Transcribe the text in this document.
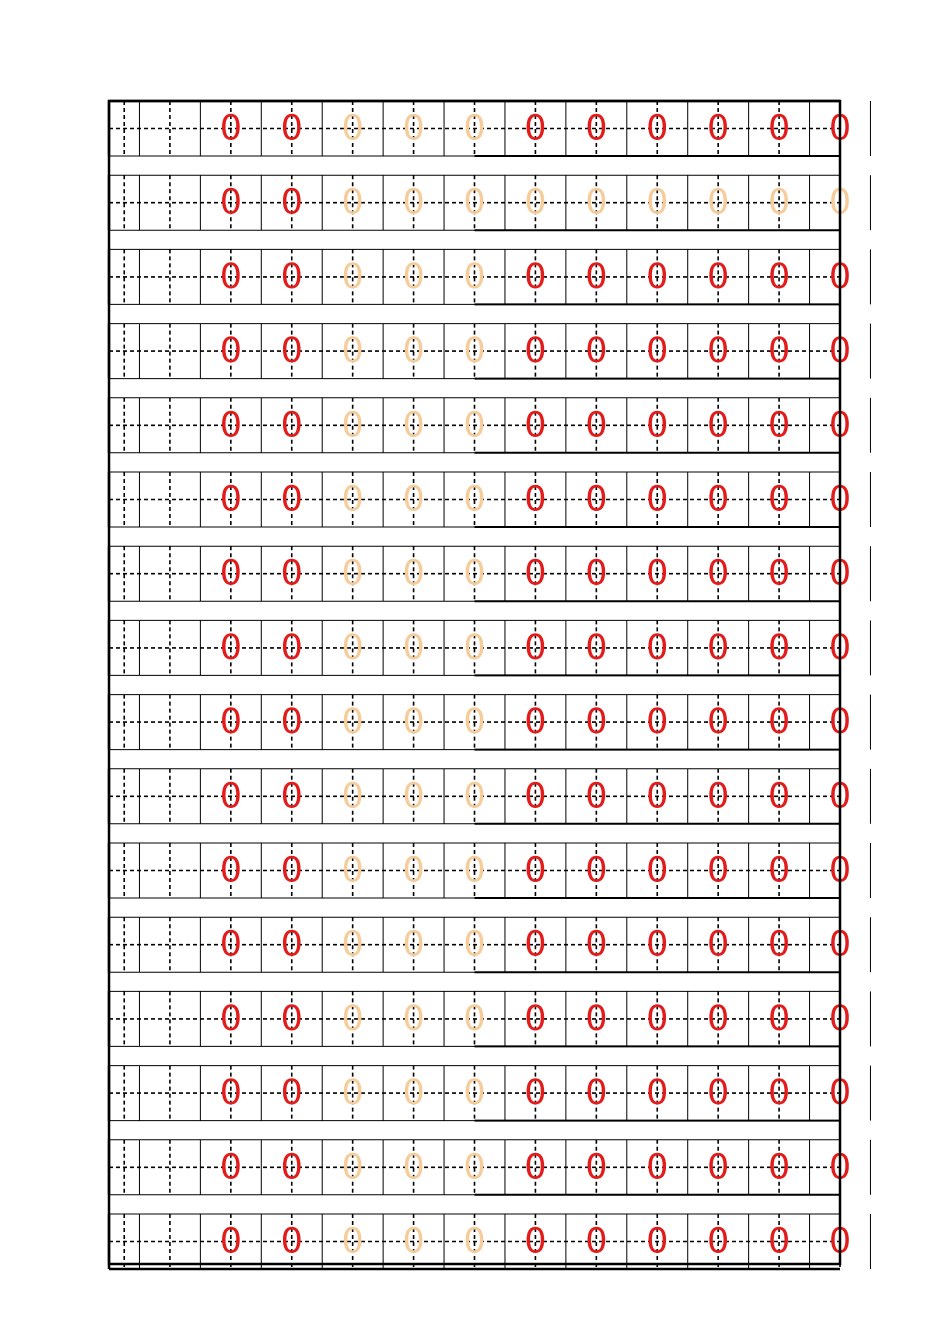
0 0 0 0 0 0 0 0 0 0 0
0 0 0 0 0 0 0 0 0 0 0
0 0 0 0 0 0 0 0 0 0 0
0 0 0 0 0 0 0 0 0 0 0
0 0 0 0 0 0 0 0 0 0 0
0 0 0 0 0 0 0 0 0 0 0
0 0 0 0 0 0 0 0 0 0 0
0 0 0 0 0 0 0 0 0 0 0
0 0 0 0 0 0 0 0 0 0 0
0 0 0 0 0 0 0 0 0 0 0
0 0 0 0 0 0 0 0 0 0 0
0 0 0 0 0 0 0 0 0 0 0
0 0 0 0 0 0 0 0 0 0 0
0 0 0 0 0 0 0 0 0 0 0
0 0 0 0 0 0 0 0 0 0 0
0 0 0 0 0 0 0 0 0 0 0
